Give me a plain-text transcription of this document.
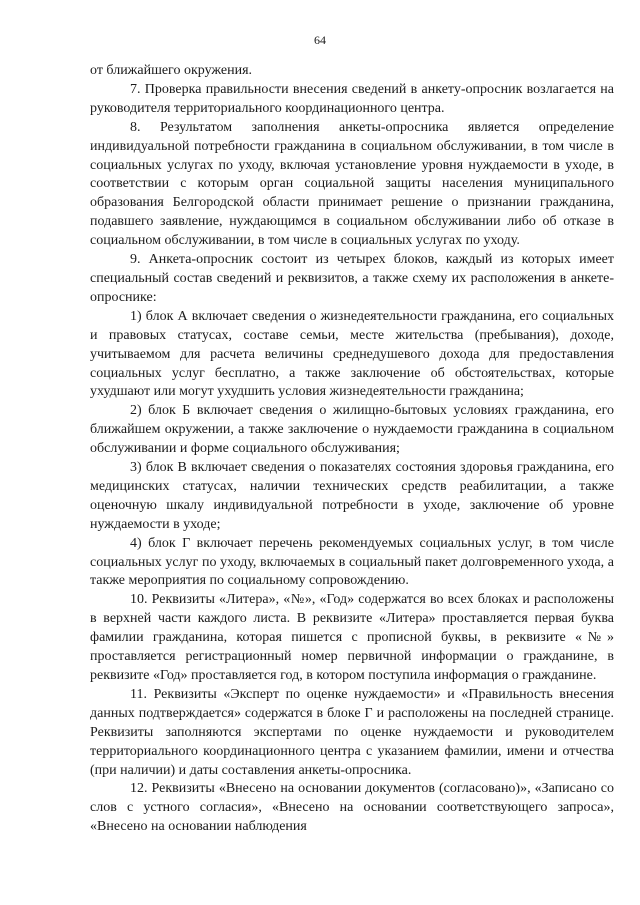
64

от ближайшего окружения.

7. Проверка правильности внесения сведений в анкету-опросник возлагается на руководителя территориального координационного центра.

8. Результатом заполнения анкеты-опросника является определение индивидуальной потребности гражданина в социальном обслуживании, в том числе в социальных услугах по уходу, включая установление уровня нуждаемости в уходе, в соответствии с которым орган социальной защиты населения муниципального образования Белгородской области принимает решение о признании гражданина, подавшего заявление, нуждающимся в социальном обслуживании либо об отказе в социальном обслуживании, в том числе в социальных услугах по уходу.

9. Анкета-опросник состоит из четырех блоков, каждый из которых имеет специальный состав сведений и реквизитов, а также схему их расположения в анкете-опроснике:

1) блок А включает сведения о жизнедеятельности гражданина, его социальных и правовых статусах, составе семьи, месте жительства (пребывания), доходе, учитываемом для расчета величины среднедушевого дохода для предоставления социальных услуг бесплатно, а также заключение об обстоятельствах, которые ухудшают или могут ухудшить условия жизнедеятельности гражданина;

2) блок Б включает сведения о жилищно-бытовых условиях гражданина, его ближайшем окружении, а также заключение о нуждаемости гражданина в социальном обслуживании и форме социального обслуживания;

3) блок В включает сведения о показателях состояния здоровья гражданина, его медицинских статусах, наличии технических средств реабилитации, а также оценочную шкалу индивидуальной потребности в уходе, заключение об уровне нуждаемости в уходе;

4) блок Г включает перечень рекомендуемых социальных услуг, в том числе социальных услуг по уходу, включаемых в социальный пакет долговременного ухода, а также мероприятия по социальному сопровождению.

10. Реквизиты «Литера», «№», «Год» содержатся во всех блоках и расположены в верхней части каждого листа. В реквизите «Литера» проставляется первая буква фамилии гражданина, которая пишется с прописной буквы, в реквизите «№» проставляется регистрационный номер первичной информации о гражданине, в реквизите «Год» проставляется год, в котором поступила информация о гражданине.

11. Реквизиты «Эксперт по оценке нуждаемости» и «Правильность внесения данных подтверждается» содержатся в блоке Г и расположены на последней странице. Реквизиты заполняются экспертами по оценке нуждаемости и руководителем территориального координационного центра с указанием фамилии, имени и отчества (при наличии) и даты составления анкеты-опросника.

12. Реквизиты «Внесено на основании документов (согласовано)», «Записано со слов с устного согласия», «Внесено на основании соответствующего запроса», «Внесено на основании наблюдения
